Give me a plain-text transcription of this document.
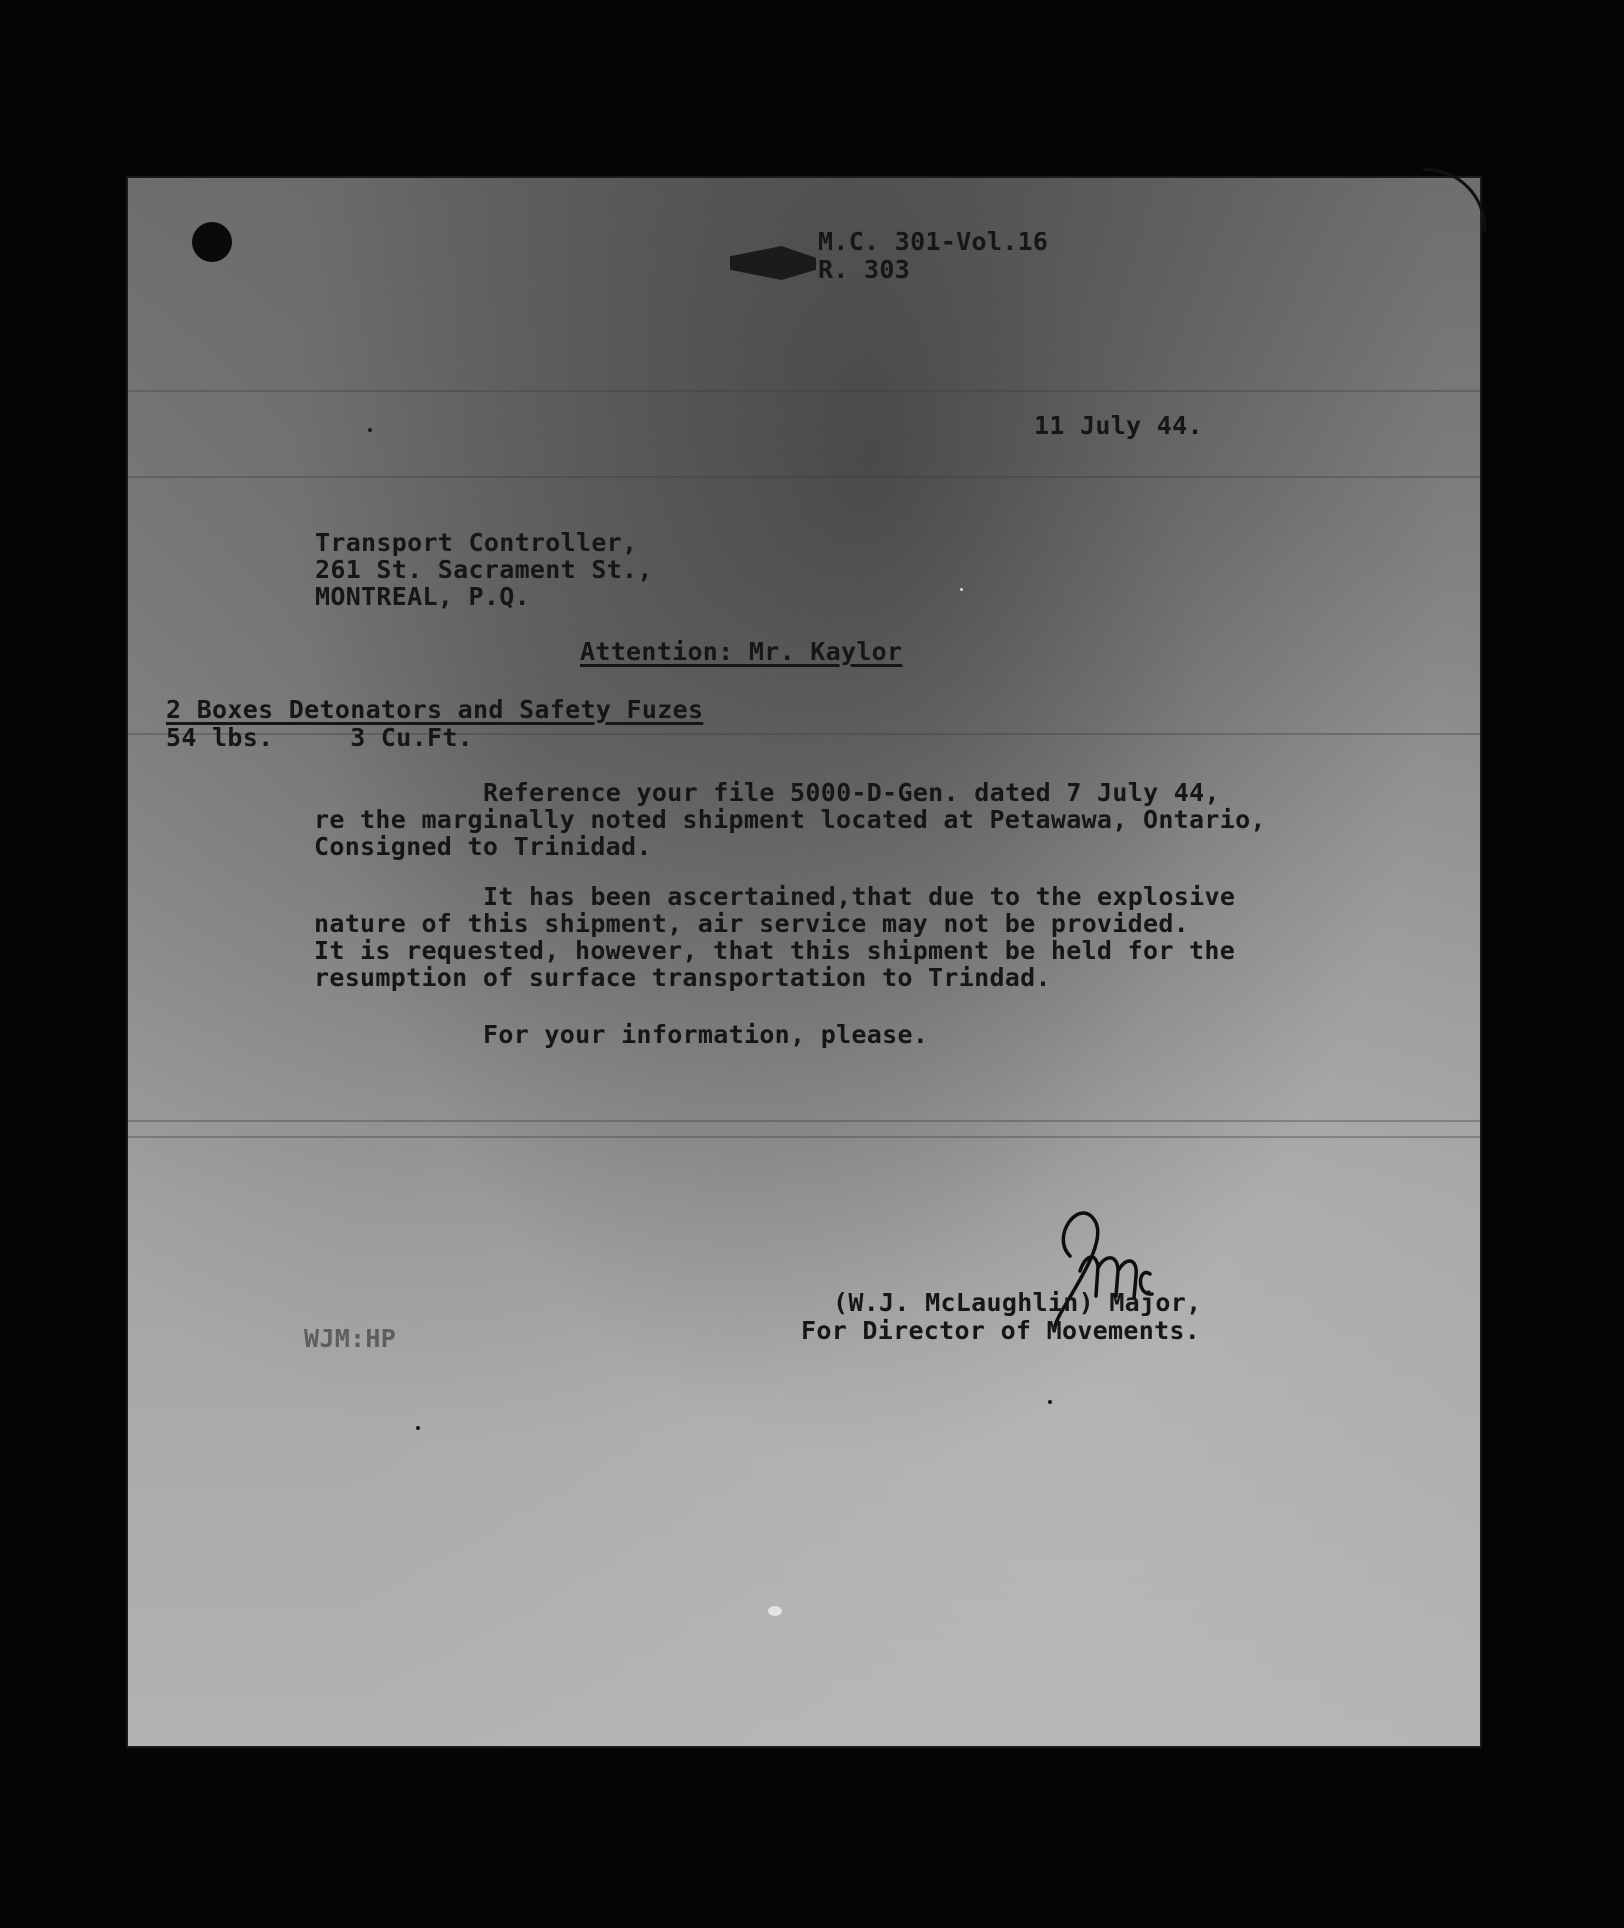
M.C. 301-Vol.16

R. 303

11 July 44.

Transport Controller,

261 St. Sacrament St.,

MONTREAL, P.Q.

Attention: Mr. Kaylor

2 Boxes Detonators and Safety Fuzes

54 lbs.     3 Cu.Ft.

Reference your file 5000-D-Gen. dated 7 July 44,

re the marginally noted shipment located at Petawawa, Ontario,

Consigned to Trinidad.

It has been ascertained,that due to the explosive

nature of this shipment, air service may not be provided.

It is requested, however, that this shipment be held for the

resumption of surface transportation to Trindad.

For your information, please.

(W.J. McLaughlin) Major,

For Director of Movements.

WJM:HP
